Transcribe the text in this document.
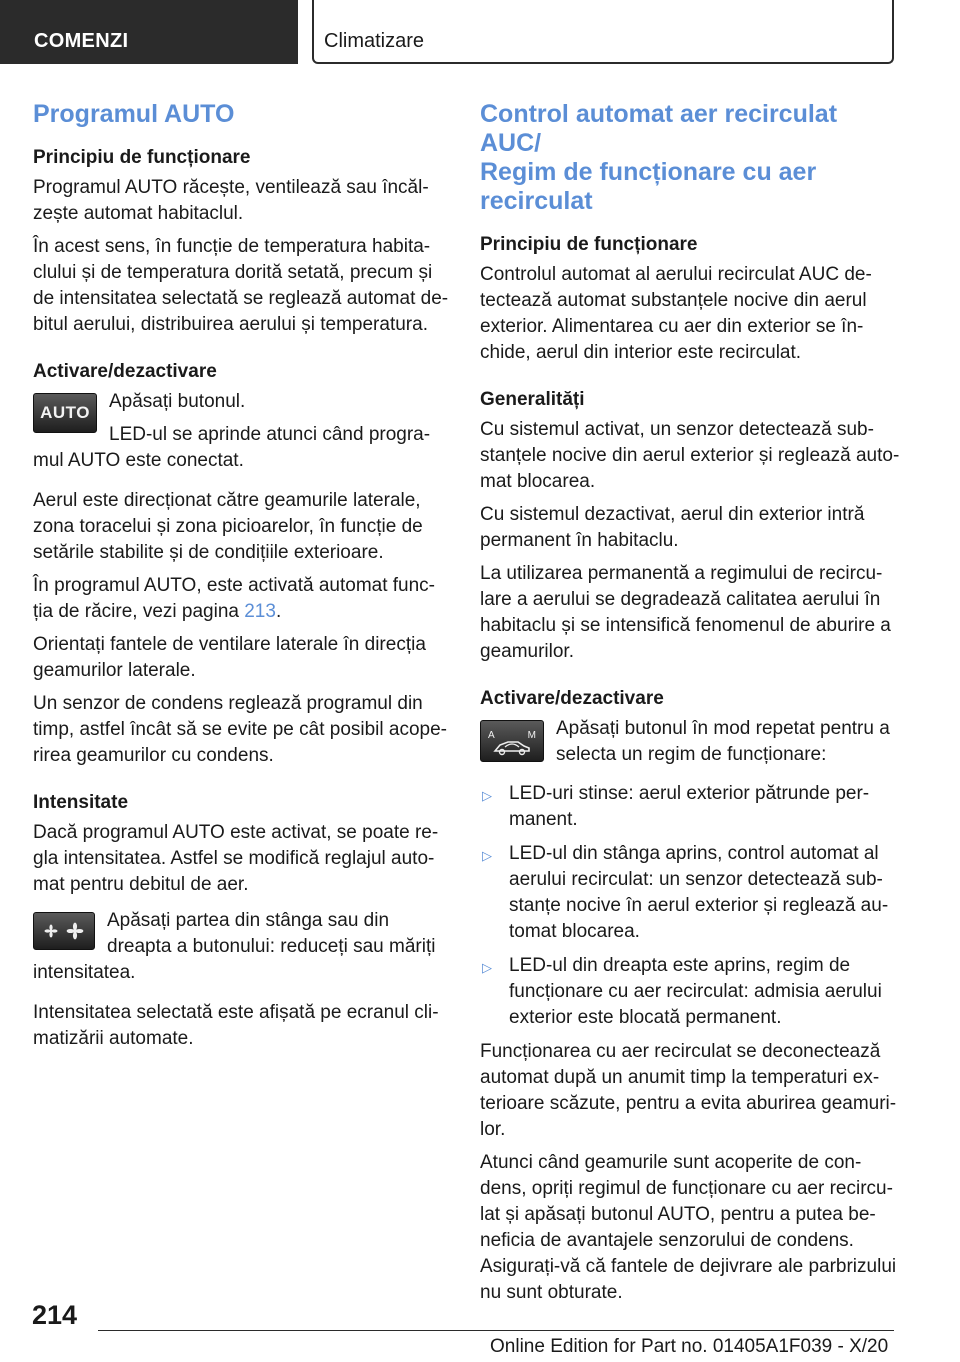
COMENZI	Climatizare
Programul AUTO
Principiu de funcționare

Programul AUTO răcește, ventilează sau încăl-
zește automat habitaclul.

În acest sens, în funcție de temperatura habita-
clului și de temperatura dorită setată, precum și
de intensitatea selectată se reglează automat de-
bitul aerului, distribuirea aerului și temperatura.

Activare/dezactivare
AUTO

Apăsați butonul.

LED-ul se aprinde atunci când progra-
mul AUTO este conectat.

Aerul este direcționat către geamurile laterale,
zona toracelui și zona picioarelor, în funcție de
setările stabilite și de condițiile exterioare.

În programul AUTO, este activată automat func-
ția de răcire, vezi pagina 213.

Orientați fantele de ventilare laterale în direcția
geamurilor laterale.

Un senzor de condens reglează programul din
timp, astfel încât să se evite pe cât posibil acope-
rirea geamurilor cu condens.

Intensitate

Dacă programul AUTO este activat, se poate re-
gla intensitatea. Astfel se modifică reglajul auto-
mat pentru debitul de aer.

Apăsați partea din stânga sau din
dreapta a butonului: reduceți sau măriți
intensitatea.

Intensitatea selectată este afișată pe ecranul cli-
matizării automate.

Control automat aer recirculat AUC/
Regim de funcționare cu aer
recirculat
Principiu de funcționare

Controlul automat al aerului recirculat AUC de-
tectează automat substanțele nocive din aerul
exterior. Alimentarea cu aer din exterior se în-
chide, aerul din interior este recirculat.

Generalități

Cu sistemul activat, un senzor detectează sub-
stanțele nocive din aerul exterior și reglează auto-
mat blocarea.

Cu sistemul dezactivat, aerul din exterior intră
permanent în habitaclu.

La utilizarea permanentă a regimului de recircu-
lare a aerului se degradează calitatea aerului în
habitaclu și se intensifică fenomenul de aburire a
geamurilor.

Activare/dezactivare
A	M	Apăsați butonul în mod repetat pentru a
selecta un regim de funcționare:

▷ LED-uri stinse: aerul exterior pătrunde per-
manent.
▷ LED-ul din stânga aprins, control automat al
aerului recirculat: un senzor detectează sub-
stanțe nocive în aerul exterior și reglează au-
tomat blocarea.
▷ LED-ul din dreapta este aprins, regim de
funcționare cu aer recirculat: admisia aerului
exterior este blocată permanent.

Funcționarea cu aer recirculat se deconectează
automat după un anumit timp la temperaturi ex-
terioare scăzute, pentru a evita aburirea geamuri-
lor.

Atunci când geamurile sunt acoperite de con-
dens, opriți regimul de funcționare cu aer recircu-
lat și apăsați butonul AUTO, pentru a putea be-
neficia de avantajele senzorului de condens.
Asigurați-vă că fantele de dejivrare ale parbrizului
nu sunt obturate.

214
Online Edition for Part no. 01405A1F039 - X/20
